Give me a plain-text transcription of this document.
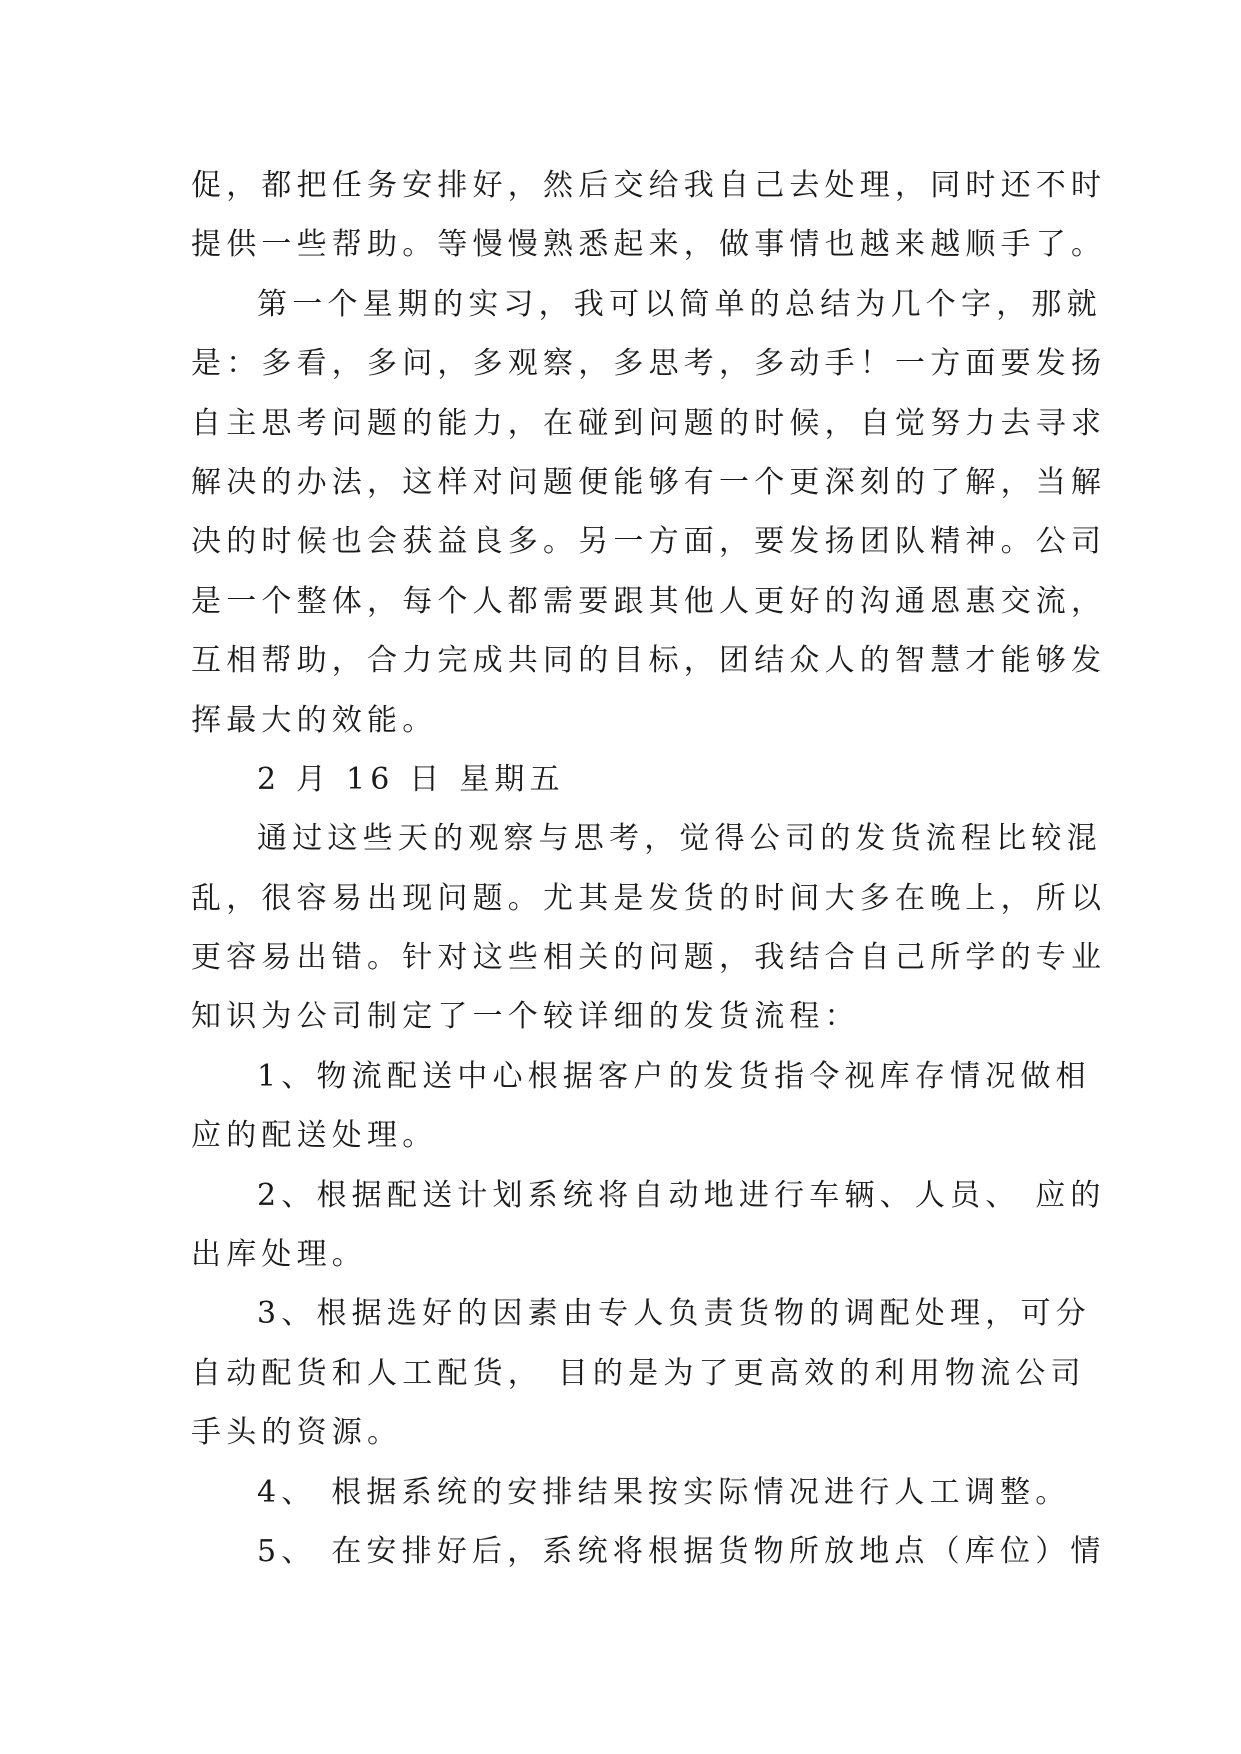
促，都把任务安排好，然后交给我自己去处理，同时还不时
提供一些帮助。等慢慢熟悉起来，做事情也越来越顺手了。
第一个星期的实习，我可以简单的总结为几个字，那就
是：多看，多问，多观察，多思考，多动手！一方面要发扬
自主思考问题的能力，在碰到问题的时候，自觉努力去寻求
解决的办法，这样对问题便能够有一个更深刻的了解，当解
决的时候也会获益良多。另一方面，要发扬团队精神。公司
是一个整体，每个人都需要跟其他人更好的沟通恩惠交流，
互相帮助，合力完成共同的目标，团结众人的智慧才能够发
挥最大的效能。
2 月 16 日 星期五
通过这些天的观察与思考，觉得公司的发货流程比较混
乱，很容易出现问题。尤其是发货的时间大多在晚上，所以
更容易出错。针对这些相关的问题，我结合自己所学的专业
知识为公司制定了一个较详细的发货流程：
1、物流配送中心根据客户的发货指令视库存情况做相
应的配送处理。
2、根据配送计划系统将自动地进行车辆、人员、 应的
出库处理。
3、根据选好的因素由专人负责货物的调配处理，可分
自动配货和人工配货， 目的是为了更高效的利用物流公司
手头的资源。
4、 根据系统的安排结果按实际情况进行人工调整。
5、 在安排好后，系统将根据货物所放地点（库位）情
